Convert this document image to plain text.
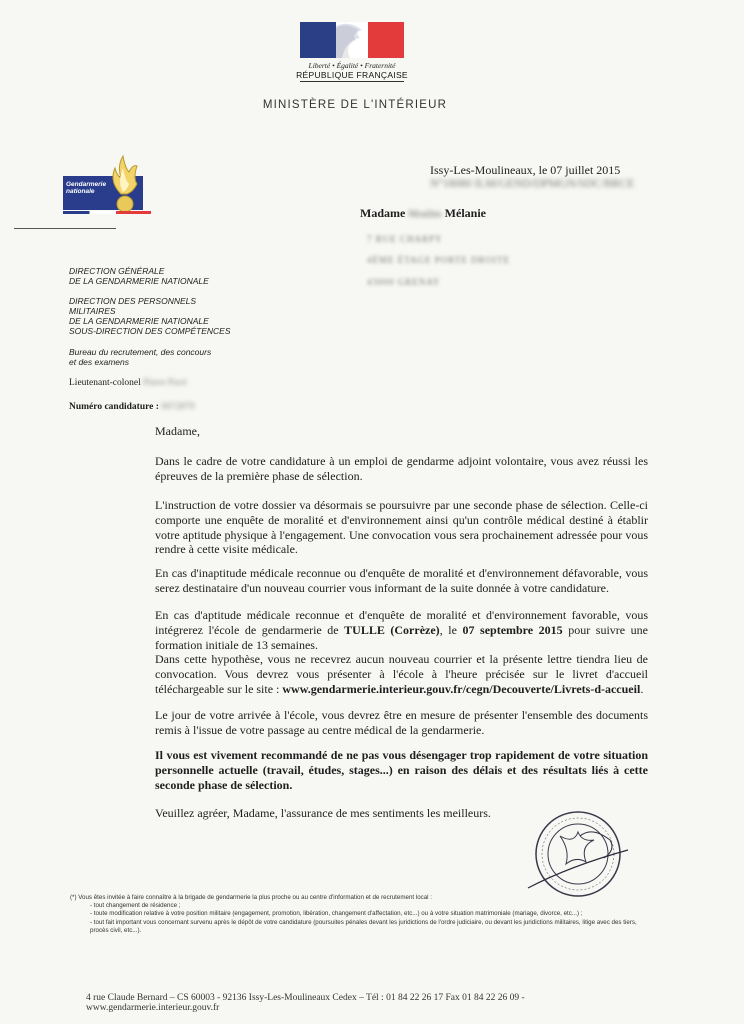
Liberté • Égalité • Fraternité
RÉPUBLIQUE FRANÇAISE
MINISTÈRE DE L'INTÉRIEUR
Gendarmerie
nationale
Issy-Les-Moulineaux, le 07 juillet 2015
N°18080 ILM/GEND/DPMGN/SDC/BRCE
Madame Moulins Mélanie
7 RUE CHARPY
4ÈME ÉTAGE PORTE DROITE
43000 GRENAY
DIRECTION GÉNÉRALE
DE LA GENDARMERIE NATIONALE
DIRECTION DES PERSONNELS MILITAIRES
DE LA GENDARMERIE NATIONALE
SOUS-DIRECTION DES COMPÉTENCES
Bureau du recrutement, des concours
et des examens
Lieutenant-colonel Pierre Pavé
Numéro candidature : 0072879
Madame,
Dans le cadre de votre candidature à un emploi de gendarme adjoint volontaire, vous avez réussi les épreuves de la première phase de sélection.
L'instruction de votre dossier va désormais se poursuivre par une seconde phase de sélection. Celle-ci comporte une enquête de moralité et d'environnement ainsi qu'un contrôle médical destiné à établir votre aptitude physique à l'engagement. Une convocation vous sera prochainement adressée pour vous rendre à cette visite médicale.
En cas d'inaptitude médicale reconnue ou d'enquête de moralité et d'environnement défavorable, vous serez destinataire d'un nouveau courrier vous informant de la suite donnée à votre candidature.
En cas d'aptitude médicale reconnue et d'enquête de moralité et d'environnement favorable, vous intégrerez l'école de gendarmerie de TULLE (Corrèze), le 07 septembre 2015 pour suivre une formation initiale de 13 semaines.
Dans cette hypothèse, vous ne recevrez aucun nouveau courrier et la présente lettre tiendra lieu de convocation. Vous devrez vous présenter à l'école à l'heure précisée sur le livret d'accueil téléchargeable sur le site : www.gendarmerie.interieur.gouv.fr/cegn/Decouverte/Livrets-d-accueil.
Le jour de votre arrivée à l'école, vous devrez être en mesure de présenter l'ensemble des documents remis à l'issue de votre passage au centre médical de la gendarmerie.
Il vous est vivement recommandé de ne pas vous désengager trop rapidement de votre situation personnelle actuelle (travail, études, stages...) en raison des délais et des résultats liés à cette seconde phase de sélection.
Veuillez agréer, Madame, l'assurance de mes sentiments les meilleurs.
(*) Vous êtes invitée à faire connaître à la brigade de gendarmerie la plus proche ou au centre d'information et de recrutement local :
- tout changement de résidence ;
- toute modification relative à votre position militaire (engagement, promotion, libération, changement d'affectation, etc...) ou à votre situation matrimoniale (mariage, divorce, etc...) ;
- tout fait important vous concernant survenu après le dépôt de votre candidature (poursuites pénales devant les juridictions de l'ordre judiciaire, ou devant les juridictions militaires, litige avec des tiers, procès civil, etc...).
4 rue Claude Bernard – CS 60003 - 92136 Issy-Les-Moulineaux Cedex – Tél : 01 84 22 26 17 Fax 01 84 22 26 09 - www.gendarmerie.interieur.gouv.fr
